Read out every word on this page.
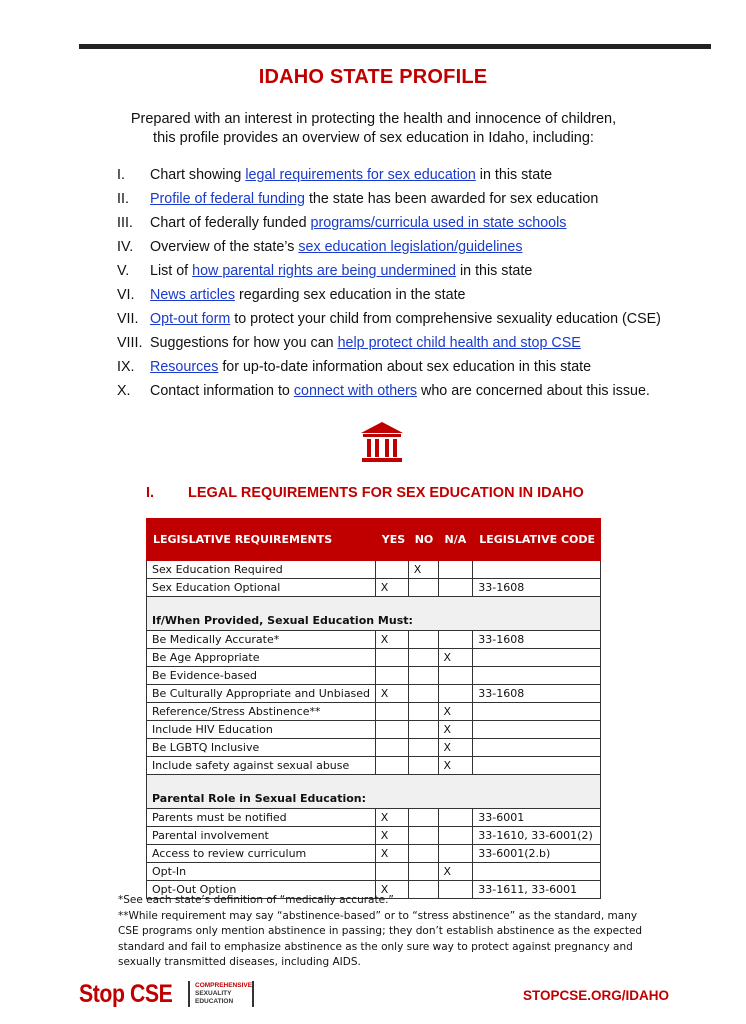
IDAHO STATE PROFILE
Prepared with an interest in protecting the health and innocence of children,
this profile provides an overview of sex education in Idaho, including:
I. Chart showing legal requirements for sex education in this state
II. Profile of federal funding the state has been awarded for sex education
III. Chart of federally funded programs/curricula used in state schools
IV. Overview of the state’s sex education legislation/guidelines
V. List of how parental rights are being undermined in this state
VI. News articles regarding sex education in the state
VII. Opt-out form to protect your child from comprehensive sexuality education (CSE)
VIII. Suggestions for how you can help protect child health and stop CSE
IX. Resources for up-to-date information about sex education in this state
X. Contact information to connect with others who are concerned about this issue.
I. LEGAL REQUIREMENTS FOR SEX EDUCATION IN IDAHO
LEGISLATIVE REQUIREMENTS	YES	NO	N/A	LEGISLATIVE CODE
Sex Education Required		X		
Sex Education Optional	X			33-1608
If/When Provided, Sexual Education Must:				
Be Medically Accurate*	X			33-1608
Be Age Appropriate			X	
Be Evidence-based				
Be Culturally Appropriate and Unbiased	X			33-1608
Reference/Stress Abstinence**			X	
Include HIV Education			X	
Be LGBTQ Inclusive			X	
Include safety against sexual abuse			X	
Parental Role in Sexual Education:				
Parents must be notified	X			33-6001
Parental involvement	X			33-1610, 33-6001(2)
Access to review curriculum	X			33-6001(2.b)
Opt-In			X	
Opt-Out Option	X			33-1611, 33-6001

*See each state’s definition of “medically accurate.”

**While requirement may say “abstinence-based” or to “stress abstinence” as the standard, many CSE programs only mention abstinence in passing; they don’t establish abstinence as the expected standard and fail to emphasize abstinence as the only sure way to protect against pregnancy and sexually transmitted diseases, including AIDS.

Stop CSE	COMPREHENSIVE
SEXUALITY
EDUCATION	STOPCSE.ORG/IDAHO
